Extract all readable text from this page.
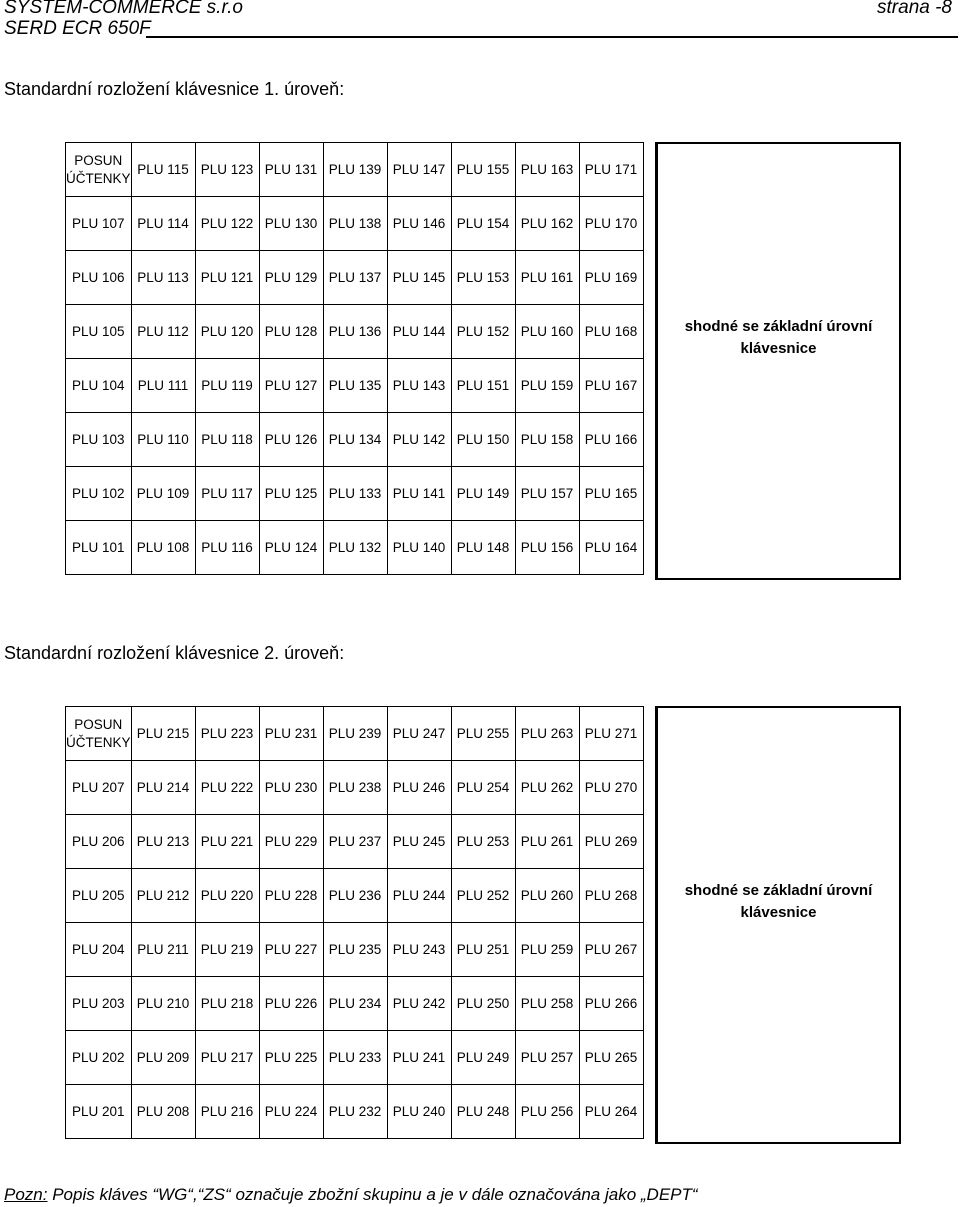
SYSTEM-COMMERCE s.r.o
SERD ECR 650F
strana -8
Standardní rozložení klávesnice 1. úroveň:
POSUN
ÚČTENKY	PLU 115	PLU 123	PLU 131	PLU 139	PLU 147	PLU 155	PLU 163	PLU 171
PLU 107	PLU 114	PLU 122	PLU 130	PLU 138	PLU 146	PLU 154	PLU 162	PLU 170
PLU 106	PLU 113	PLU 121	PLU 129	PLU 137	PLU 145	PLU 153	PLU 161	PLU 169
PLU 105	PLU 112	PLU 120	PLU 128	PLU 136	PLU 144	PLU 152	PLU 160	PLU 168
PLU 104	PLU 111	PLU 119	PLU 127	PLU 135	PLU 143	PLU 151	PLU 159	PLU 167
PLU 103	PLU 110	PLU 118	PLU 126	PLU 134	PLU 142	PLU 150	PLU 158	PLU 166
PLU 102	PLU 109	PLU 117	PLU 125	PLU 133	PLU 141	PLU 149	PLU 157	PLU 165
PLU 101	PLU 108	PLU 116	PLU 124	PLU 132	PLU 140	PLU 148	PLU 156	PLU 164
shodné se základní úrovní
klávesnice
Standardní rozložení klávesnice 2. úroveň:
POSUN
ÚČTENKY	PLU 215	PLU 223	PLU 231	PLU 239	PLU 247	PLU 255	PLU 263	PLU 271
PLU 207	PLU 214	PLU 222	PLU 230	PLU 238	PLU 246	PLU 254	PLU 262	PLU 270
PLU 206	PLU 213	PLU 221	PLU 229	PLU 237	PLU 245	PLU 253	PLU 261	PLU 269
PLU 205	PLU 212	PLU 220	PLU 228	PLU 236	PLU 244	PLU 252	PLU 260	PLU 268
PLU 204	PLU 211	PLU 219	PLU 227	PLU 235	PLU 243	PLU 251	PLU 259	PLU 267
PLU 203	PLU 210	PLU 218	PLU 226	PLU 234	PLU 242	PLU 250	PLU 258	PLU 266
PLU 202	PLU 209	PLU 217	PLU 225	PLU 233	PLU 241	PLU 249	PLU 257	PLU 265
PLU 201	PLU 208	PLU 216	PLU 224	PLU 232	PLU 240	PLU 248	PLU 256	PLU 264
shodné se základní úrovní
klávesnice
Pozn: Popis kláves “WG“,“ZS“ označuje zbožní skupinu a je v dále označována jako „DEPT“
